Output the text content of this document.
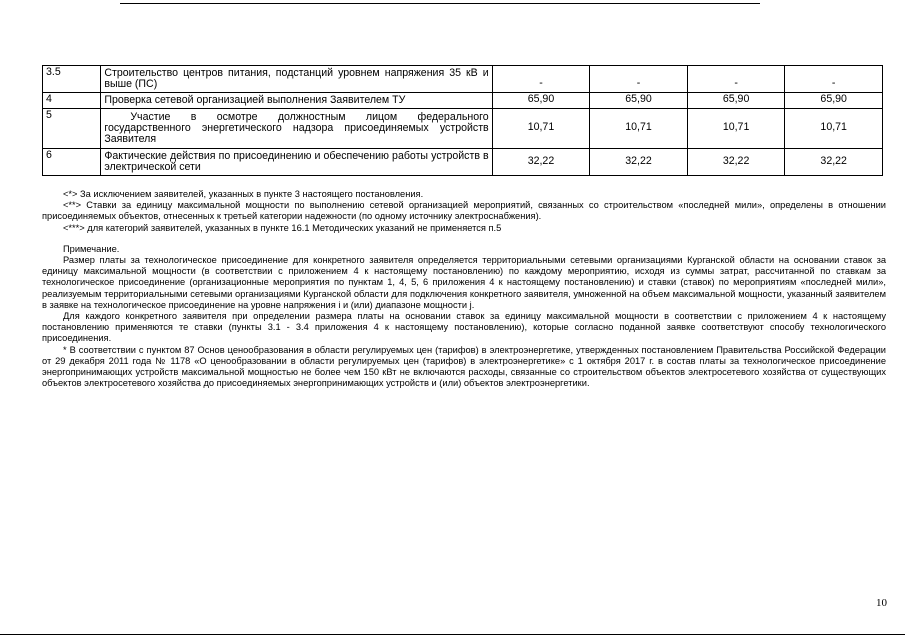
3.5	Строительство центров питания, подстанций уровнем напряжения 35 кВ и выше (ПС)	-	-	-	-
4	Проверка сетевой организацией выполнения Заявителем ТУ	65,90	65,90	65,90	65,90
5	Участие в осмотре должностным лицом федерального государственного энергетического надзора присоединяемых устройств Заявителя	10,71	10,71	10,71	10,71
6	Фактические действия по присоединению и обеспечению работы устройств в электрической сети	32,22	32,22	32,22	32,22

<*> За исключением заявителей, указанных в пункте 3 настоящего постановления.

<**> Ставки за единицу максимальной мощности по выполнению сетевой организацией мероприятий, связанных со строительством «последней мили», определены в отношении присоединяемых объектов, отнесенных к третьей категории надежности (по одному источнику электроснабжения).

<***> для категорий заявителей, указанных в пункте 16.1 Методических указаний не применяется п.5

Примечание.

Размер платы за технологическое присоединение для конкретного заявителя определяется территориальными сетевыми организациями Курганской области на основании ставок за единицу максимальной мощности (в соответствии с приложением 4 к настоящему постановлению) по каждому мероприятию, исходя из суммы затрат, рассчитанной по ставкам за технологическое присоединение (организационные мероприятия по пунктам 1, 4, 5, 6 приложения 4 к настоящему постановлению) и ставки (ставок) по мероприятиям «последней мили», реализуемым территориальными сетевыми организациями Курганской области для подключения конкретного заявителя, умноженной на объем максимальной мощности, указанный заявителем в заявке на технологическое присоединение на уровне напряжения i и (или) диапазоне мощности j.

Для каждого конкретного заявителя при определении размера платы на основании ставок за единицу максимальной мощности в соответствии с приложением 4 к настоящему постановлению применяются те ставки (пункты 3.1 - 3.4 приложения 4 к настоящему постановлению), которые согласно поданной заявке соответствуют способу технологического присоединения.

* В соответствии с пунктом 87 Основ ценообразования в области регулируемых цен (тарифов) в электроэнергетике, утвержденных постановлением Правительства Российской Федерации от 29 декабря 2011 года № 1178 «О ценообразовании в области регулируемых цен (тарифов) в электроэнергетике» с 1 октября 2017 г. в состав платы за технологическое присоединение энергопринимающих устройств максимальной мощностью не более чем 150 кВт не включаются расходы, связанные со строительством объектов электросетевого хозяйства от существующих объектов электросетевого хозяйства до присоединяемых энергопринимающих устройств и (или) объектов электроэнергетики.

10
